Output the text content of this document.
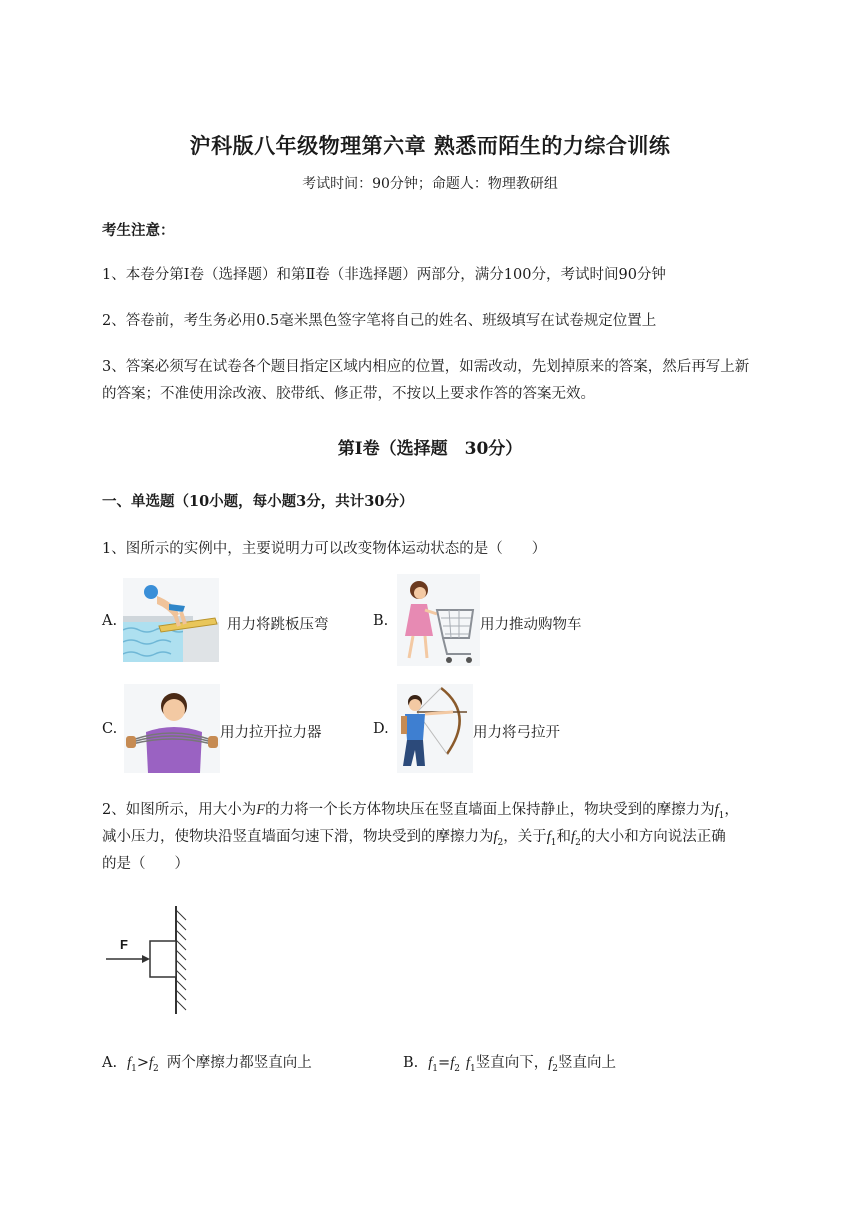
沪科版八年级物理第六章 熟悉而陌生的力综合训练
考试时间：90分钟；命题人：物理教研组
考生注意：
1、本卷分第Ⅰ卷（选择题）和第Ⅱ卷（非选择题）两部分，满分100分，考试时间90分钟
2、答卷前，考生务必用0.5毫米黑色签字笔将自己的姓名、班级填写在试卷规定位置上
3、答案必须写在试卷各个题目指定区域内相应的位置，如需改动，先划掉原来的答案，然后再写上新
的答案；不准使用涂改液、胶带纸、修正带，不按以上要求作答的答案无效。
第Ⅰ卷（选择题　30分）
一、单选题（10小题，每小题3分，共计30分）
1、图所示的实例中，主要说明力可以改变物体运动状态的是（　　）
A.	用力将跳板压弯	B.	用力推动购物车
C.	用力拉开拉力器	D.	用力将弓拉开
2、如图所示，用大小为F的力将一个长方体物块压在竖直墙面上保持静止，物块受到的摩擦力为$f_1$，
减小压力，使物块沿竖直墙面匀速下滑，物块受到的摩擦力为$f_2$，关于$f_1$和$f_2$的大小和方向说法正确
的是（　　）
F
A. $f_1>f_2$ 两个摩擦力都竖直向上	B. $f_1=f_2$ $f_1$竖直向下，$f_2$竖直向上
